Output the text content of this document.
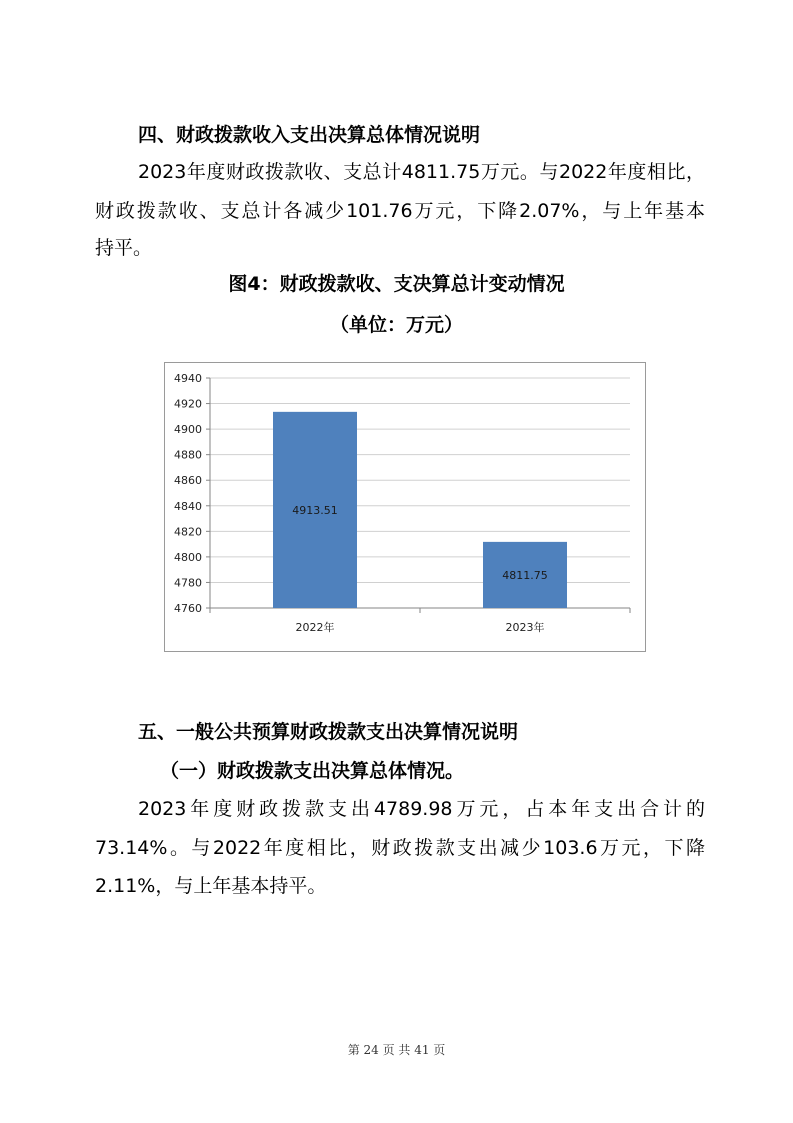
四、财政拨款收入支出决算总体情况说明
2023年度财政拨款收、支总计4811.75万元。与2022年度相比，
财政拨款收、支总计各减少101.76万元，下降2.07%，与上年基本
持平。
图4：财政拨款收、支决算总计变动情况
（单位：万元）
4760
4780
4800
4820
4840
4860
4880
4900
4920
4940
4913.51
2022年
4811.75
2023年
五、一般公共预算财政拨款支出决算情况说明
（一）财政拨款支出决算总体情况。
2023年度财政拨款支出4789.98万元，占本年支出合计的
73.14%。与2022年度相比，财政拨款支出减少103.6万元，下降
2.11%，与上年基本持平。
第 24 页 共 41 页
